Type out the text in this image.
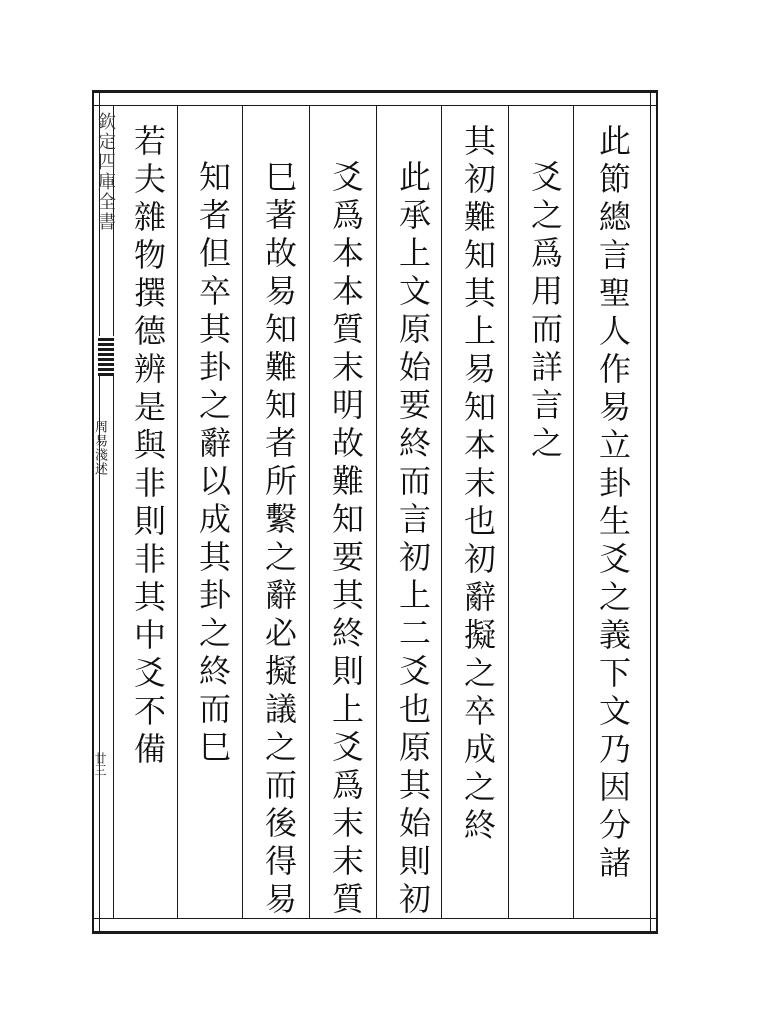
欽定四庫全書
周易淺述
廿三	此節總言聖人作易立卦生爻之義下文乃因分諸
爻之爲用而詳言之
其初難知其上易知本末也初辭擬之卒成之終
此承上文原始要終而言初上二爻也原其始則初
爻爲本本質末明故難知要其終則上爻爲末末質
巳著故易知難知者所繫之辭必擬議之而後得易
知者但卒其卦之辭以成其卦之終而巳
若夫雜物撰德辨是與非則非其中爻不備
